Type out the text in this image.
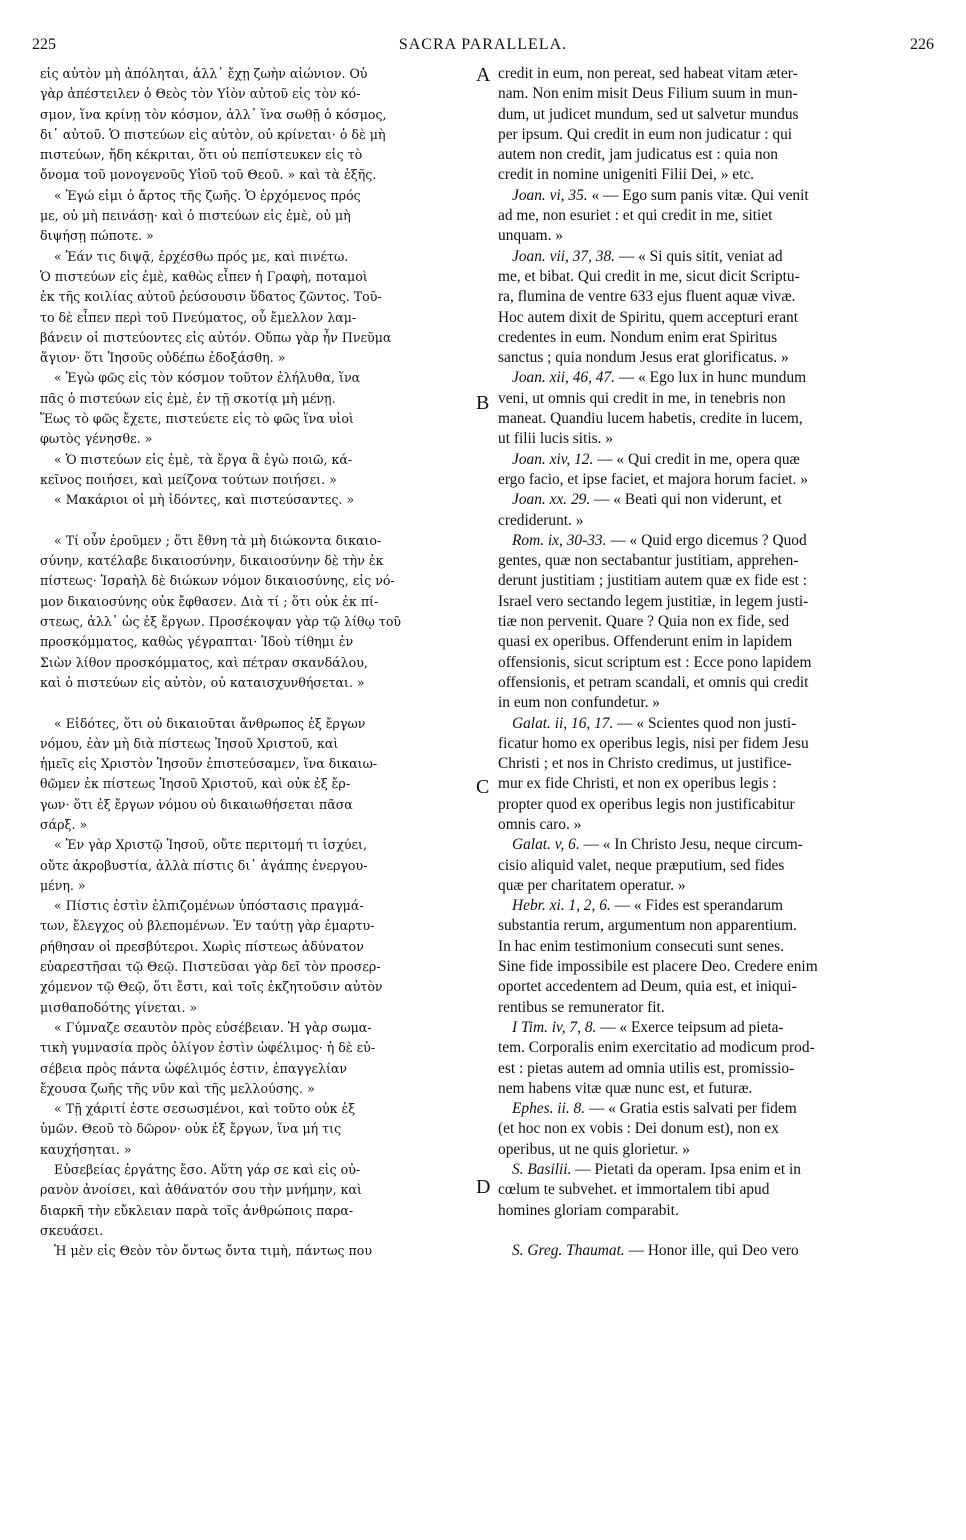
225	SACRA PARALLELA.	226
εἰς αὐτὸν μὴ ἀπόληται, ἀλλ᾽ ἔχῃ ζωὴν αἰώνιον. Οὐ
γὰρ ἀπέστειλεν ὁ Θεὸς τὸν Υἱὸν αὐτοῦ εἰς τὸν κό-
σμον, ἵνα κρίνῃ τὸν κόσμον, ἀλλ᾽ ἵνα σωθῇ ὁ κόσμος,
δι᾽ αὐτοῦ. Ὁ πιστεύων εἰς αὐτὸν, οὐ κρίνεται· ὁ δὲ μὴ
πιστεύων, ἤδη κέκριται, ὅτι οὐ πεπίστευκεν εἰς τὸ
ὄνομα τοῦ μονογενοῦς Υἱοῦ τοῦ Θεοῦ. » καὶ τὰ ἑξῆς.
« Ἐγώ εἰμι ὁ ἄρτος τῆς ζωῆς. Ὁ ἐρχόμενος πρός
με, οὐ μὴ πεινάσῃ· καὶ ὁ πιστεύων εἰς ἐμὲ, οὐ μὴ
διψήσῃ πώποτε. »
« Ἐάν τις διψᾷ, ἐρχέσθω πρός με, καὶ πινέτω.
Ὁ πιστεύων εἰς ἐμὲ, καθὼς εἶπεν ἡ Γραφὴ, ποταμοὶ
ἐκ τῆς κοιλίας αὐτοῦ ῥεύσουσιν ὕδατος ζῶντος. Τοῦ-
το δὲ εἶπεν περὶ τοῦ Πνεύματος, οὗ ἔμελλον λαμ-
βάνειν οἱ πιστεύοντες εἰς αὐτόν. Οὔπω γὰρ ἦν Πνεῦμα
ἅγιον· ὅτι Ἰησοῦς οὐδέπω ἐδοξάσθη. »
« Ἐγὼ φῶς εἰς τὸν κόσμον τοῦτον ἐλήλυθα, ἵνα
πᾶς ὁ πιστεύων εἰς ἐμὲ, ἐν τῇ σκοτίᾳ μὴ μένῃ.
Ἕως τὸ φῶς ἔχετε, πιστεύετε εἰς τὸ φῶς ἵνα υἱοὶ
φωτὸς γένησθε. »
« Ὁ πιστεύων εἰς ἐμὲ, τὰ ἔργα ἃ ἐγὼ ποιῶ, κά-
κεῖνος ποιήσει, καὶ μείζονα τούτων ποιήσει. »
« Μακάριοι οἱ μὴ ἰδόντες, καὶ πιστεύσαντες. »
« Τί οὖν ἐροῦμεν ; ὅτι ἔθνη τὰ μὴ διώκοντα δικαιο-
σύνην, κατέλαβε δικαιοσύνην, δικαιοσύνην δὲ τὴν ἐκ
πίστεως· Ἰσραὴλ δὲ διώκων νόμον δικαιοσύνης, εἰς νό-
μον δικαιοσύνης οὐκ ἔφθασεν. Διὰ τί ; ὅτι οὐκ ἐκ πί-
στεως, ἀλλ᾽ ὡς ἐξ ἔργων. Προσέκοψαν γὰρ τῷ λίθῳ τοῦ
προσκόμματος, καθὼς γέγραπται· Ἰδοὺ τίθημι ἐν
Σιὼν λίθον προσκόμματος, καὶ πέτραν σκανδάλου,
καὶ ὁ πιστεύων εἰς αὐτὸν, οὐ καταισχυνθήσεται. »
« Εἰδότες, ὅτι οὐ δικαιοῦται ἄνθρωπος ἐξ ἔργων
νόμου, ἐὰν μὴ διὰ πίστεως Ἰησοῦ Χριστοῦ, καὶ
ἡμεῖς εἰς Χριστὸν Ἰησοῦν ἐπιστεύσαμεν, ἵνα δικαιω-
θῶμεν ἐκ πίστεως Ἰησοῦ Χριστοῦ, καὶ οὐκ ἐξ ἔρ-
γων· ὅτι ἐξ ἔργων νόμου οὐ δικαιωθήσεται πᾶσα
σάρξ. »
« Ἐν γὰρ Χριστῷ Ἰησοῦ, οὔτε περιτομή τι ἰσχύει,
οὔτε ἀκροβυστία, ἀλλὰ πίστις δι᾽ ἀγάπης ἐνεργου-
μένη. »
« Πίστις ἐστὶν ἐλπιζομένων ὑπόστασις πραγμά-
των, ἔλεγχος οὐ βλεπομένων. Ἐν ταύτῃ γὰρ ἐμαρτυ-
ρήθησαν οἱ πρεσβύτεροι. Χωρὶς πίστεως ἀδύνατον
εὐαρεστῆσαι τῷ Θεῷ. Πιστεῦσαι γὰρ δεῖ τὸν προσερ-
χόμενον τῷ Θεῷ, ὅτι ἔστι, καὶ τοῖς ἐκζητοῦσιν αὐτὸν
μισθαποδότης γίνεται. »
« Γύμναζε σεαυτὸν πρὸς εὐσέβειαν. Ἡ γὰρ σωμα-
τικὴ γυμνασία πρὸς ὀλίγον ἐστὶν ὠφέλιμος· ἡ δὲ εὐ-
σέβεια πρὸς πάντα ὠφέλιμός ἐστιν, ἐπαγγελίαν
ἔχουσα ζωῆς τῆς νῦν καὶ τῆς μελλούσης. »
« Τῇ χάριτί ἐστε σεσωσμένοι, καὶ τοῦτο οὐκ ἐξ
ὑμῶν. Θεοῦ τὸ δῶρον· οὐκ ἐξ ἔργων, ἵνα μή τις
καυχήσηται. »
Εὐσεβείας ἐργάτης ἔσο. Αὕτη γάρ σε καὶ εἰς οὐ-
ρανὸν ἀνοίσει, καὶ ἀθάνατόν σου τὴν μνήμην, καὶ
διαρκῆ τὴν εὔκλειαν παρὰ τοῖς ἀνθρώποις παρα-
σκευάσει.
Ἡ μὲν εἰς Θεὸν τὸν ὄντως ὄντα τιμὴ, πάντως που
credit in eum, non pereat, sed habeat vitam æter-
nam. Non enim misit Deus Filium suum in mun-
dum, ut judicet mundum, sed ut salvetur mundus
per ipsum. Qui credit in eum non judicatur : qui
autem non credit, jam judicatus est : quia non
credit in nomine unigeniti Filii Dei, » etc.
Joan. vi, 35. « — Ego sum panis vitæ. Qui venit
ad me, non esuriet : et qui credit in me, sitiet
unquam. »
Joan. vii, 37, 38. — « Si quis sitit, veniat ad
me, et bibat. Qui credit in me, sicut dicit Scriptu-
ra, flumina de ventre 633 ejus fluent aquæ vivæ.
Hoc autem dixit de Spiritu, quem accepturi erant
credentes in eum. Nondum enim erat Spiritus
sanctus ; quia nondum Jesus erat glorificatus. »
Joan. xii, 46, 47. — « Ego lux in hunc mundum
veni, ut omnis qui credit in me, in tenebris non
maneat. Quandiu lucem habetis, credite in lucem,
ut filii lucis sitis. »
Joan. xiv, 12. — « Qui credit in me, opera quæ
ergo facio, et ipse faciet, et majora horum faciet. »
Joan. xx. 29. — « Beati qui non viderunt, et
crediderunt. »
Rom. ix, 30-33. — « Quid ergo dicemus ? Quod
gentes, quæ non sectabantur justitiam, apprehen-
derunt justitiam ; justitiam autem quæ ex fide est :
Israel vero sectando legem justitiæ, in legem justi-
tiæ non pervenit. Quare ? Quia non ex fide, sed
quasi ex operibus. Offenderunt enim in lapidem
offensionis, sicut scriptum est : Ecce pono lapidem
offensionis, et petram scandali, et omnis qui credit
in eum non confundetur. »
Galat. ii, 16, 17. — « Scientes quod non justi-
ficatur homo ex operibus legis, nisi per fidem Jesu
Christi ; et nos in Christo credimus, ut justifice-
mur ex fide Christi, et non ex operibus legis :
propter quod ex operibus legis non justificabitur
omnis caro. »
Galat. v, 6. — « In Christo Jesu, neque circum-
cisio aliquid valet, neque præputium, sed fides
quæ per charitatem operatur. »
Hebr. xi. 1, 2, 6. — « Fides est sperandarum
substantia rerum, argumentum non apparentium.
In hac enim testimonium consecuti sunt senes.
Sine fide impossibile est placere Deo. Credere enim
oportet accedentem ad Deum, quia est, et iniqui-
rentibus se remunerator fit.
I Tim. iv, 7, 8. — « Exerce teipsum ad pieta-
tem. Corporalis enim exercitatio ad modicum prod-
est : pietas autem ad omnia utilis est, promissio-
nem habens vitæ quæ nunc est, et futuræ.
Ephes. ii. 8. — « Gratia estis salvati per fidem
(et hoc non ex vobis : Dei donum est), non ex
operibus, ut ne quis glorietur. »
S. Basilii. — Pietati da operam. Ipsa enim et in
cœlum te subvehet. et immortalem tibi apud
homines gloriam comparabit.
S. Greg. Thaumat. — Honor ille, qui Deo vero
A
B
C
D
